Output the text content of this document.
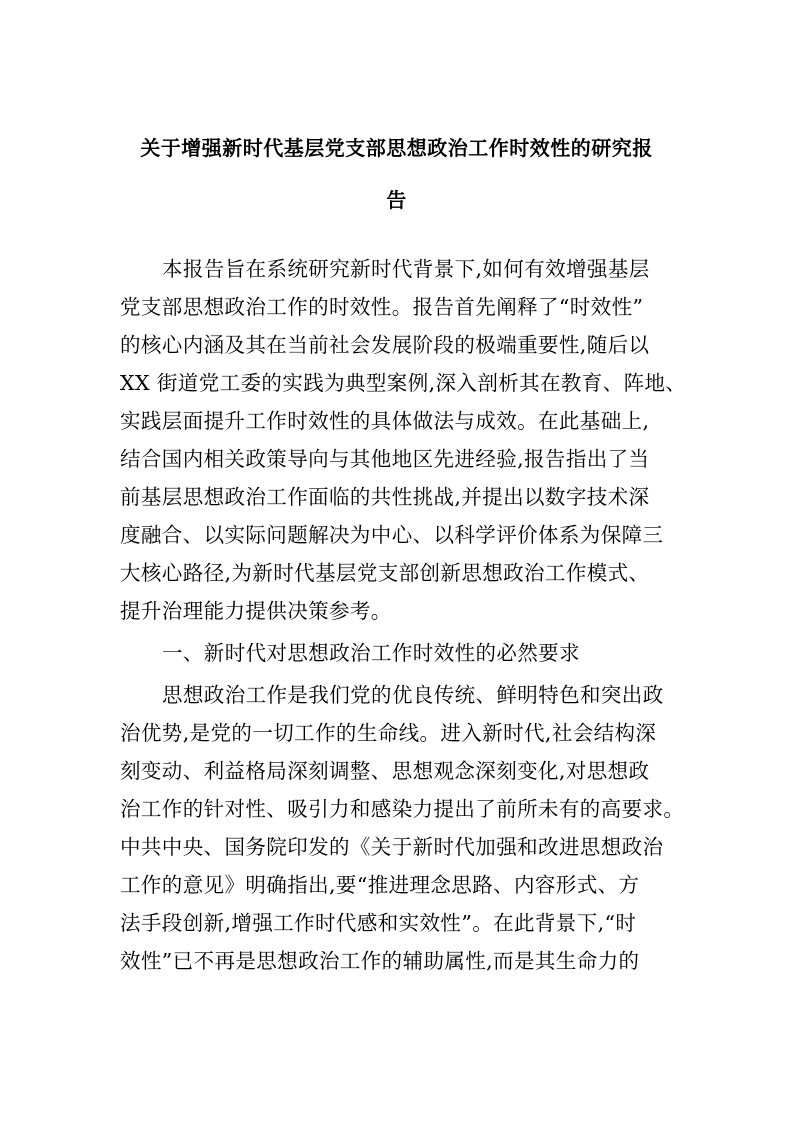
关于增强新时代基层党支部思想政治工作时效性的研究报
告
本报告旨在系统研究新时代背景下,如何有效增强基层
党支部思想政治工作的时效性。报告首先阐释了“时效性”
的核心内涵及其在当前社会发展阶段的极端重要性,随后以
XX 街道党工委的实践为典型案例,深入剖析其在教育、阵地、
实践层面提升工作时效性的具体做法与成效。在此基础上,
结合国内相关政策导向与其他地区先进经验,报告指出了当
前基层思想政治工作面临的共性挑战,并提出以数字技术深
度融合、以实际问题解决为中心、以科学评价体系为保障三
大核心路径,为新时代基层党支部创新思想政治工作模式、
提升治理能力提供决策参考。
一、新时代对思想政治工作时效性的必然要求
思想政治工作是我们党的优良传统、鲜明特色和突出政
治优势,是党的一切工作的生命线。进入新时代,社会结构深
刻变动、利益格局深刻调整、思想观念深刻变化,对思想政
治工作的针对性、吸引力和感染力提出了前所未有的高要求。
中共中央、国务院印发的《关于新时代加强和改进思想政治
工作的意见》明确指出,要“推进理念思路、内容形式、方
法手段创新,增强工作时代感和实效性”。在此背景下,“时
效性”已不再是思想政治工作的辅助属性,而是其生命力的
